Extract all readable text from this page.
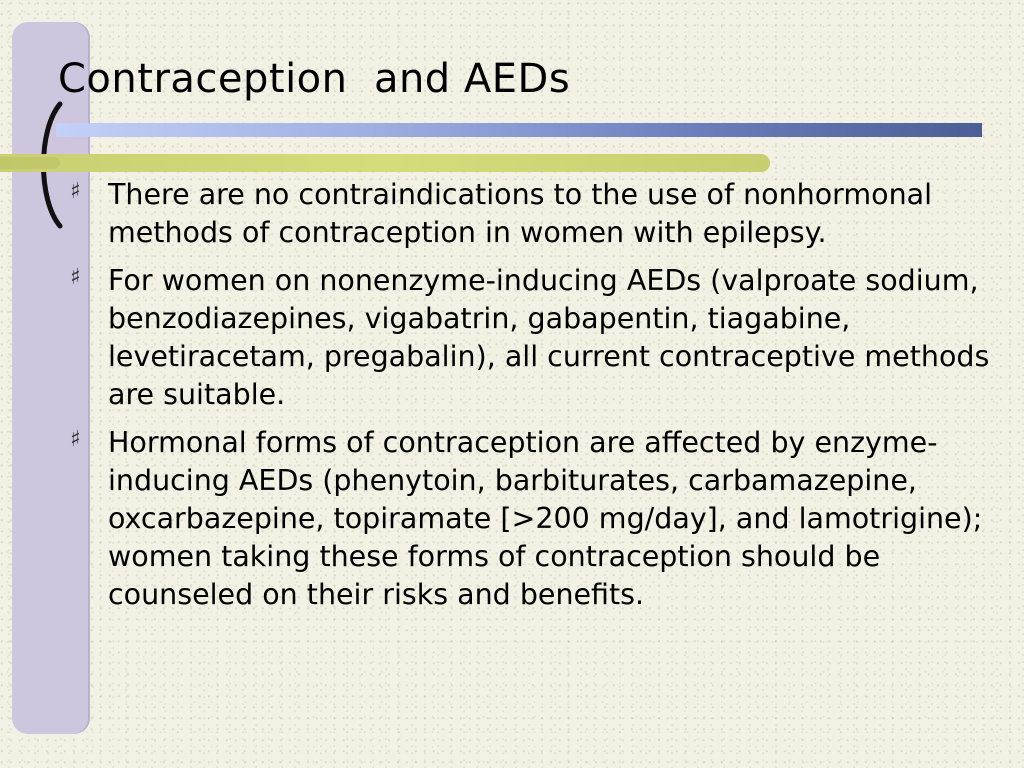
Contraception  and AEDs
♯ There are no contraindications to the use of nonhormonal methods of contraception in women with epilepsy.
♯ For women on nonenzyme-inducing AEDs (valproate sodium, benzodiazepines, vigabatrin, gabapentin, tiagabine, levetiracetam, pregabalin), all current contraceptive methods are suitable.
♯ Hormonal forms of contraception are affected by enzyme-inducing AEDs (phenytoin, barbiturates, carbamazepine, oxcarbazepine, topiramate [>200 mg/day], and lamotrigine); women taking these forms of contraception should be counseled on their risks and benefits.
